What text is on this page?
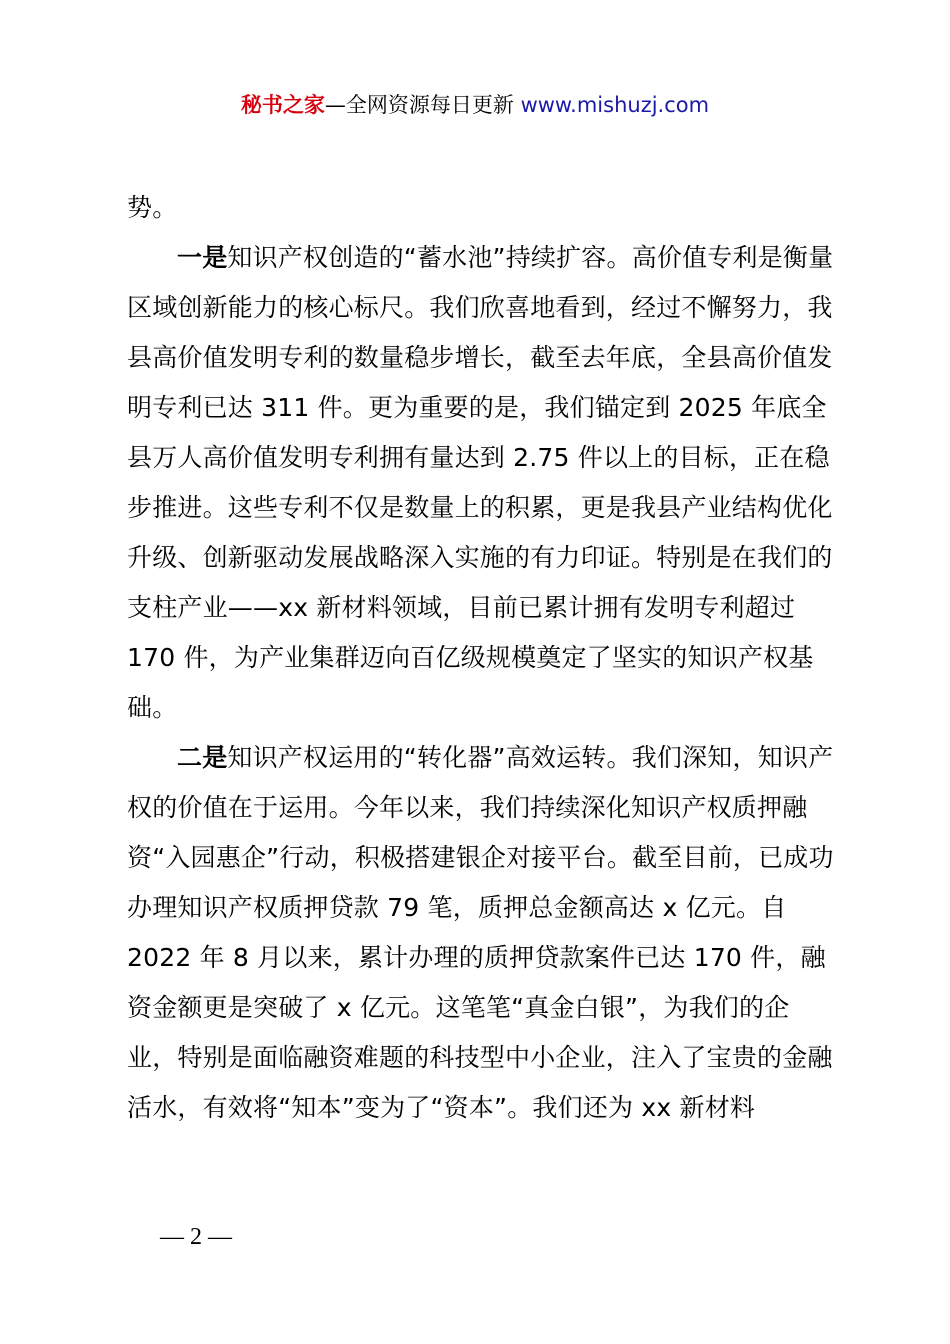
秘书之家—全网资源每日更新 www.mishuzj.com

势。

一是知识产权创造的“蓄水池”持续扩容。高价值专利是衡量区域创新能力的核心标尺。我们欣喜地看到，经过不懈努力，我县高价值发明专利的数量稳步增长，截至去年底，全县高价值发明专利已达 311 件。更为重要的是，我们锚定到 2025 年底全县万人高价值发明专利拥有量达到 2.75 件以上的目标，正在稳步推进。这些专利不仅是数量上的积累，更是我县产业结构优化升级、创新驱动发展战略深入实施的有力印证。特别是在我们的支柱产业——xx 新材料领域，目前已累计拥有发明专利超过 170 件，为产业集群迈向百亿级规模奠定了坚实的知识产权基础。

二是知识产权运用的“转化器”高效运转。我们深知，知识产权的价值在于运用。今年以来，我们持续深化知识产权质押融资“入园惠企”行动，积极搭建银企对接平台。截至目前，已成功办理知识产权质押贷款 79 笔，质押总金额高达 x 亿元。自 2022 年 8 月以来，累计办理的质押贷款案件已达 170 件，融资金额更是突破了 x 亿元。这笔笔“真金白银”，为我们的企业，特别是面临融资难题的科技型中小企业，注入了宝贵的金融活水，有效将“知本”变为了“资本”。我们还为 xx 新材料

— 2 —
